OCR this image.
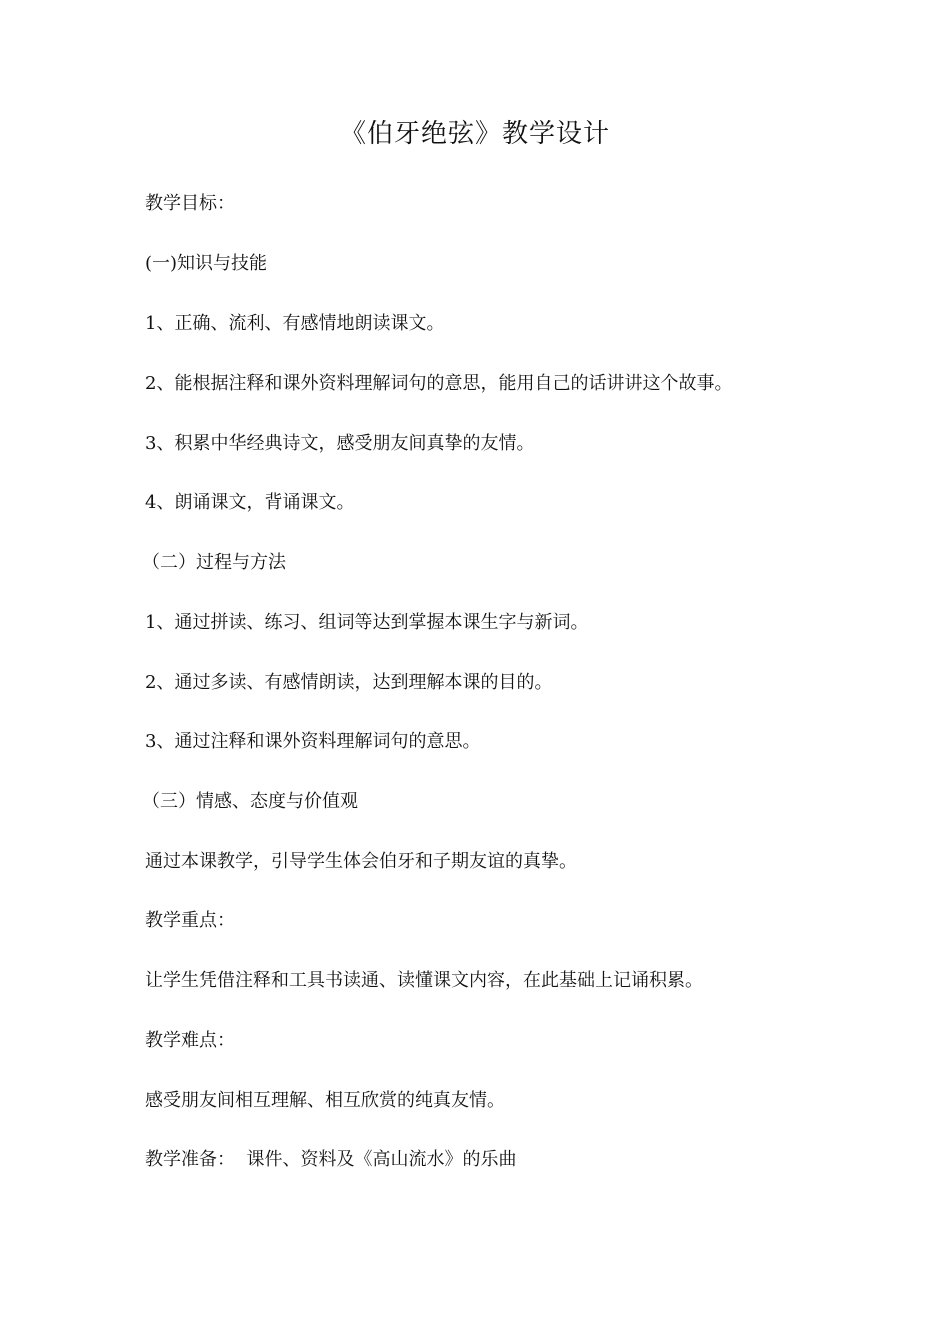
《伯牙绝弦》教学设计
教学目标：
(一)知识与技能
1、正确、流利、有感情地朗读课文。
2、能根据注释和课外资料理解词句的意思，能用自己的话讲讲这个故事。
3、积累中华经典诗文，感受朋友间真挚的友情。
4、朗诵课文，背诵课文。
（二）过程与方法
1、通过拼读、练习、组词等达到掌握本课生字与新词。
2、通过多读、有感情朗读，达到理解本课的目的。
3、通过注释和课外资料理解词句的意思。
（三）情感、态度与价值观
通过本课教学，引导学生体会伯牙和子期友谊的真挚。
教学重点：
让学生凭借注释和工具书读通、读懂课文内容，在此基础上记诵积累。
教学难点：
感受朋友间相互理解、相互欣赏的纯真友情。
教学准备：  课件、资料及《高山流水》的乐曲
